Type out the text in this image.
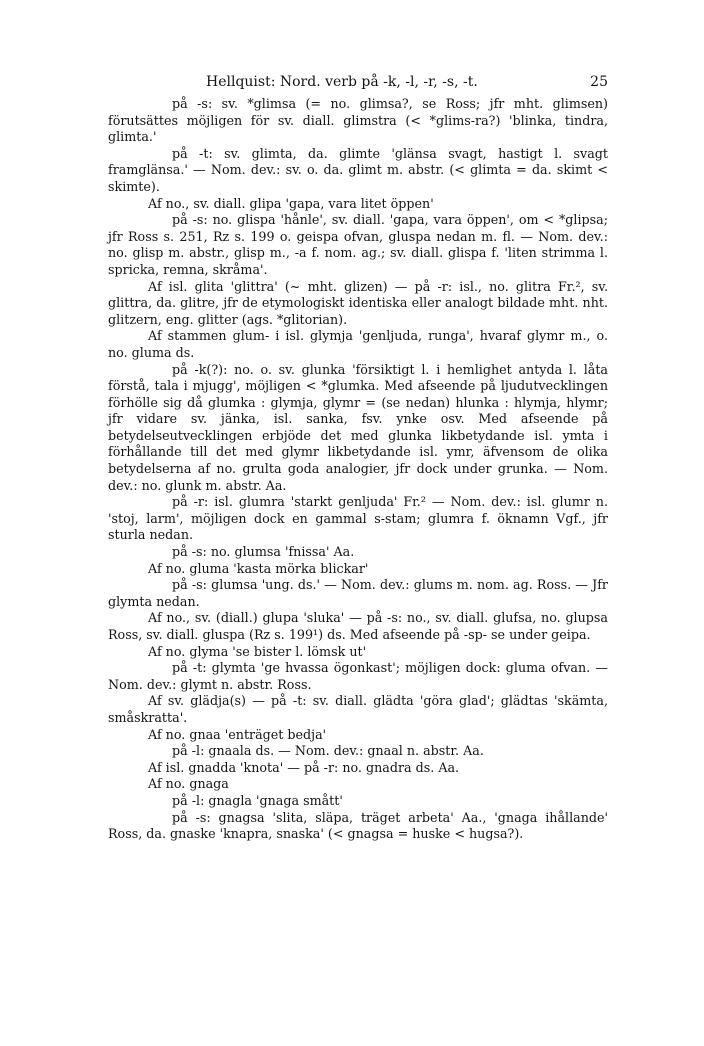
Hellquist: Nord. verb på -k, -l, -r, -s, -t.	25

på -s: sv. *glimsa (= no. glimsa?, se Ross; jfr mht. glimsen) förutsättes möjligen för sv. diall. glimstra (< *glims-ra?) 'blinka, tindra, glimta.'

på -t: sv. glimta, da. glimte 'glänsa svagt, hastigt l. svagt framglänsa.' — Nom. dev.: sv. o. da. glimt m. abstr. (< glimta = da. skimt < skimte).

Af no., sv. diall. glipa 'gapa, vara litet öppen'

på -s: no. glispa 'hånle', sv. diall. 'gapa, vara öppen', om < *glipsa; jfr Ross s. 251, Rz s. 199 o. geispa ofvan, gluspa nedan m. fl. — Nom. dev.: no. glisp m. abstr., glisp m., -a f. nom. ag.; sv. diall. glispa f. 'liten strimma l. spricka, remna, skråma'.

Af isl. glita 'glittra' (~ mht. glizen) — på -r: isl., no. glitra Fr.², sv. glittra, da. glitre, jfr de etymologiskt identiska eller analogt bildade mht. nht. glitzern, eng. glitter (ags. *glitorian).

Af stammen glum- i isl. glymja 'genljuda, runga', hvaraf glymr m., o. no. gluma ds.

på -k(?): no. o. sv. glunka 'försiktigt l. i hemlighet antyda l. låta förstå, tala i mjugg', möjligen < *glumka. Med afseende på ljudutvecklingen förhölle sig då glumka : glymja, glymr = (se nedan) hlunka : hlymja, hlymr; jfr vidare sv. jänka, isl. sanka, fsv. ynke osv. Med afseende på betydelseutvecklingen erbjöde det med glunka likbetydande isl. ymta i förhållande till det med glymr likbetydande isl. ymr, äfvensom de olika betydelserna af no. grulta goda analogier, jfr dock under grunka. — Nom. dev.: no. glunk m. abstr. Aa.

på -r: isl. glumra 'starkt genljuda' Fr.² — Nom. dev.: isl. glumr n. 'stoj, larm', möjligen dock en gammal s-stam; glumra f. öknamn Vgf., jfr sturla nedan.

på -s: no. glumsa 'fnissa' Aa.

Af no. gluma 'kasta mörka blickar'

på -s: glumsa 'ung. ds.' — Nom. dev.: glums m. nom. ag. Ross. — Jfr glymta nedan.

Af no., sv. (diall.) glupa 'sluka' — på -s: no., sv. diall. glufsa, no. glupsa Ross, sv. diall. gluspa (Rz s. 199¹) ds. Med afseende på -sp- se under geipa.

Af no. glyma 'se bister l. lömsk ut'

på -t: glymta 'ge hvassa ögonkast'; möjligen dock: gluma ofvan. — Nom. dev.: glymt n. abstr. Ross.

Af sv. glädja(s) — på -t: sv. diall. glädta 'göra glad'; glädtas 'skämta, småskratta'.

Af no. gnaa 'enträget bedja'

på -l: gnaala ds. — Nom. dev.: gnaal n. abstr. Aa.

Af isl. gnadda 'knota' — på -r: no. gnadra ds. Aa.

Af no. gnaga

på -l: gnagla 'gnaga smått'

på -s: gnagsa 'slita, släpa, träget arbeta' Aa., 'gnaga ihållande' Ross, da. gnaske 'knapra, snaska' (< gnagsa = huske < hugsa?).
